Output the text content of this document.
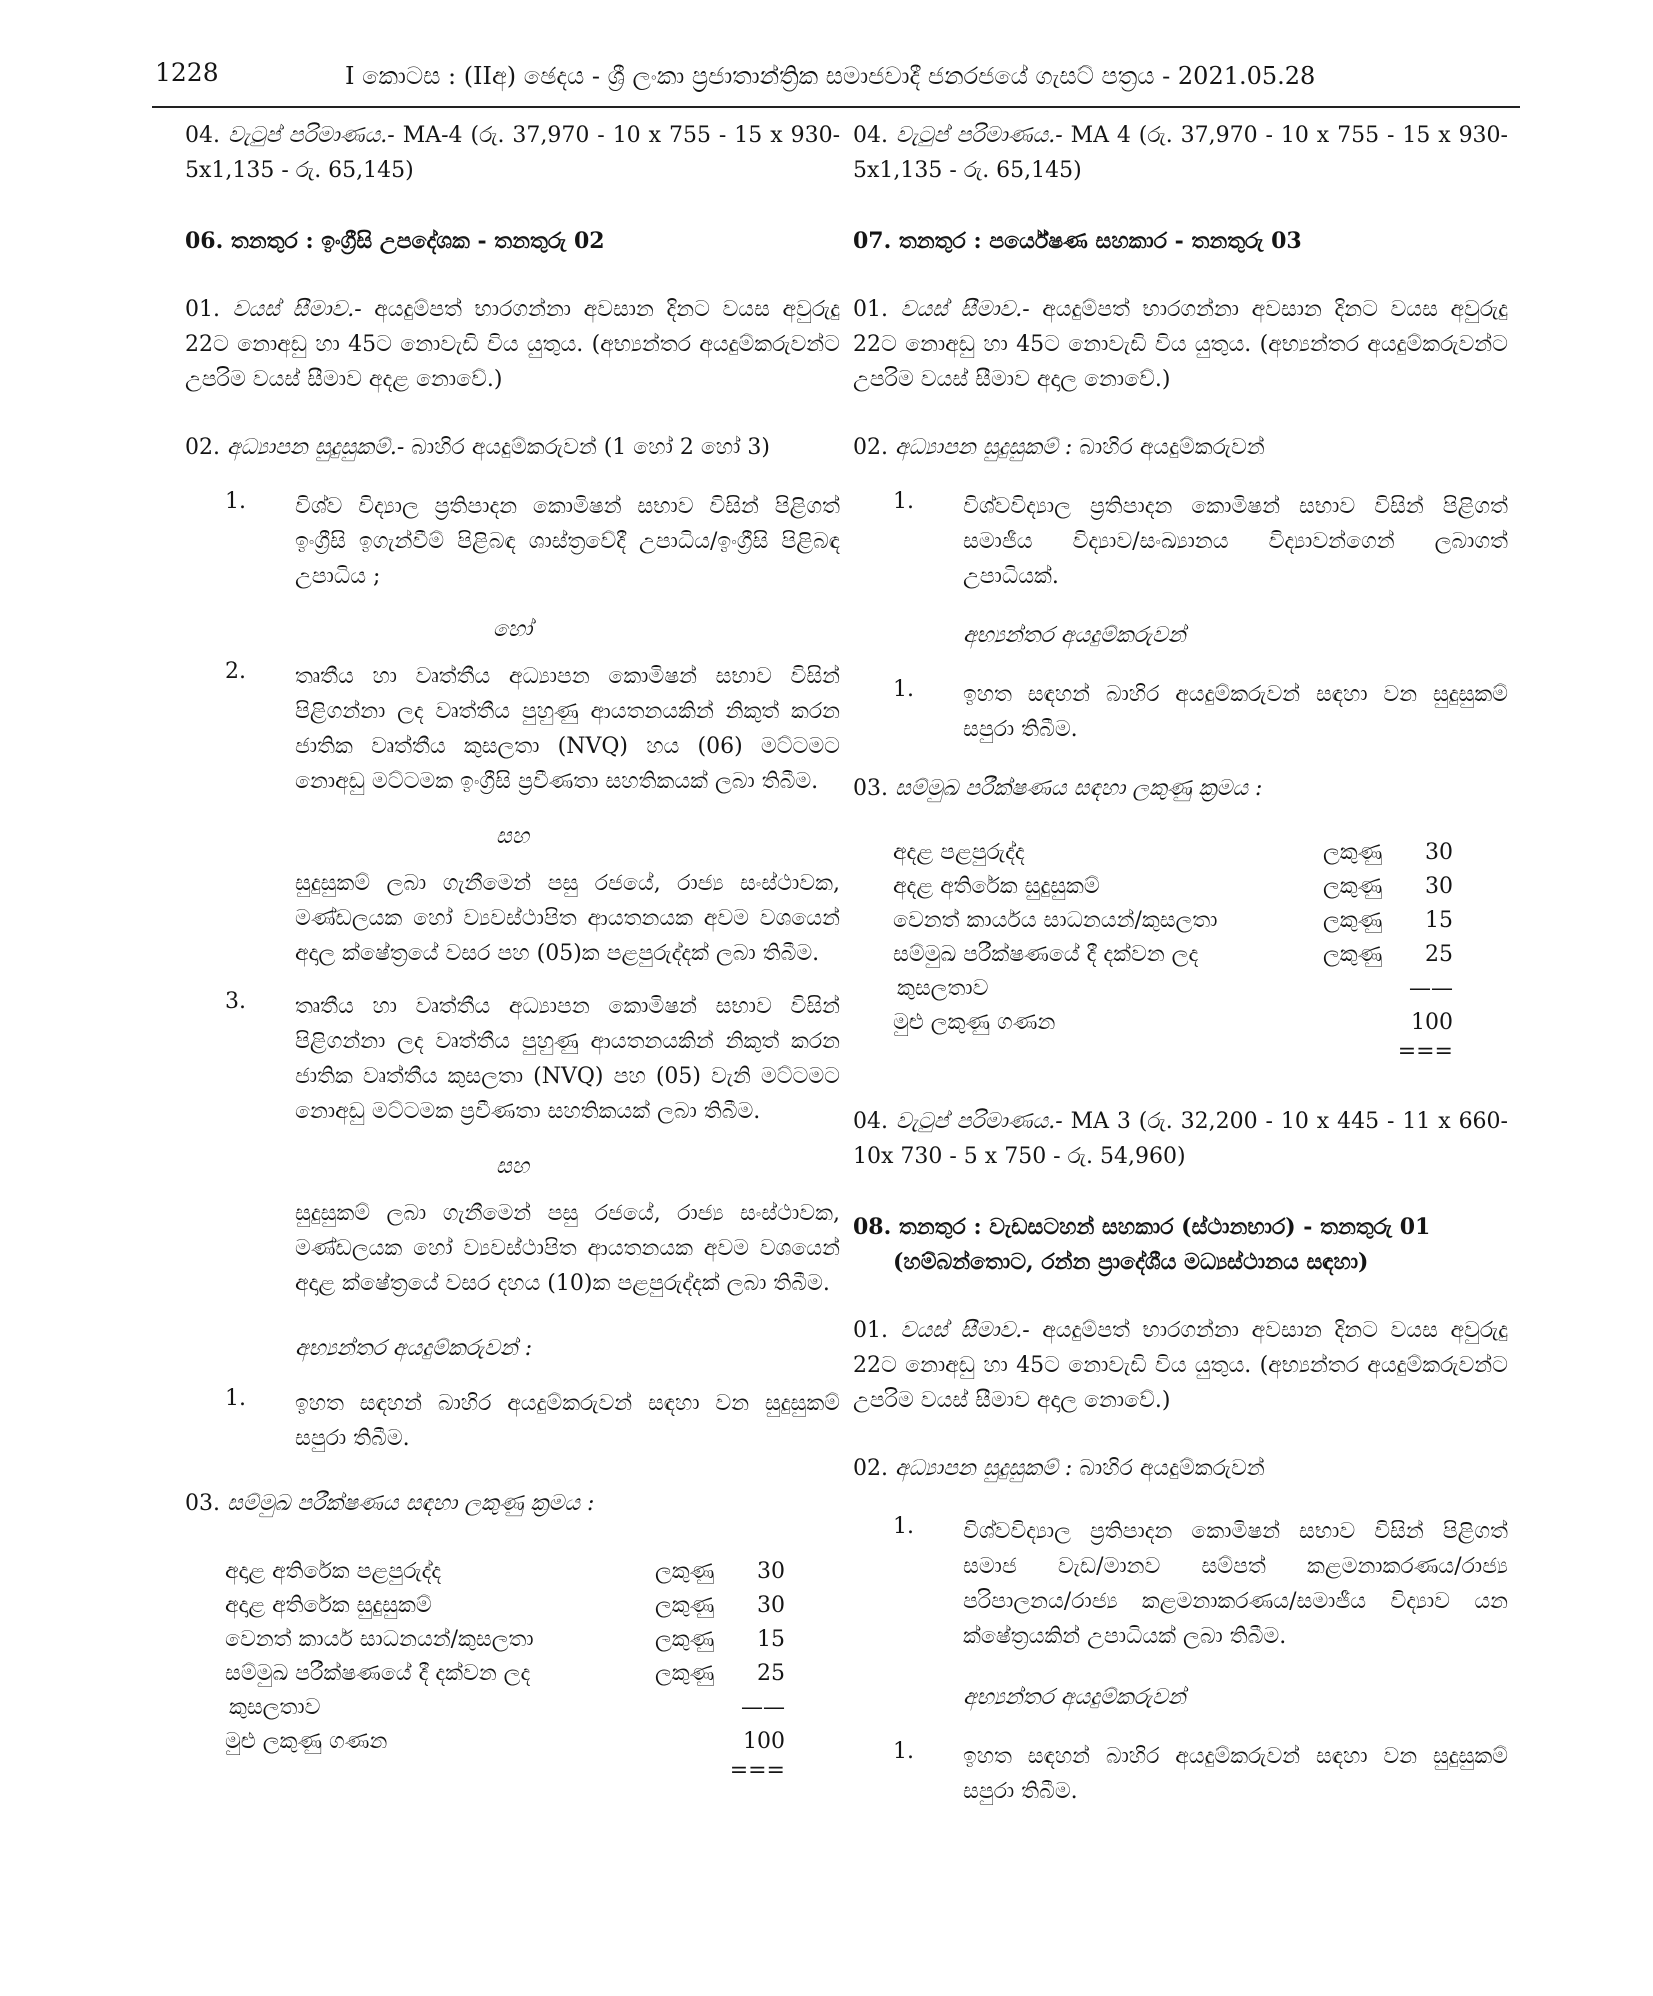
1228	I කොටස : (IIඅ) ඡෙදය - ශ්‍රී ලංකා ප්‍රජාතාන්ත්‍රික සමාජවාදී ජනරජයේ ගැසට් පත්‍රය - 2021.05.28

04. වැටුප් පරිමාණය.- MA-4 (රු. 37,970 - 10 x 755 - 15 x 930-5x1,135 - රු. 65,145)

06. තනතුර : ඉංග්‍රීසි උපදේශක - තනතුරු 02

01. වයස් සීමාව.- අයදුම්පත් භාරගන්නා අවසාන දිනට වයස අවුරුදු 22ට නොඅඩු හා 45ට නොවැඩි විය යුතුය. (අභ්‍යන්තර අයදුම්කරුවන්ට උපරිම වයස් සීමාව අදළ නොවේ.)

02. අධ්‍යාපන සුදුසුකම්.- බාහිර අයදුම්කරුවන් (1 හෝ 2 හෝ 3)

1. විශ්ව විද්‍යාල ප්‍රතිපාදන කොමිෂන් සභාව විසින් පිළිගත් ඉංග්‍රීසි ඉගැන්වීම් පිළිබඳ ශාස්ත්‍රවේදී උපාධිය/ඉංග්‍රීසි පිළිබඳ උපාධිය ;

හෝ

2. තෘතීය හා වෘත්තීය අධ්‍යාපන කොමිෂන් සභාව විසින් පිළිගන්නා ලද වෘත්තීය පුහුණු ආයතනයකින් නිකුත් කරන ජාතික වෘත්තීය කුසලතා (NVQ) හය (06) මට්ටමට නොඅඩු මට්ටමක ඉංග්‍රීසි ප්‍රවීණතා සහතිකයක් ලබා තිබීම.

සහ

සුදුසුකම් ලබා ගැනීමෙන් පසු රජයේ, රාජ්‍ය සංස්ථාවක, මණ්ඩලයක හෝ ව්‍යවස්ථාපිත ආයතනයක අවම වශයෙන් අදාල ක්ෂේත්‍රයේ වසර පහ (05)ක පළපුරුද්දක් ලබා තිබීම.

3. තෘතීය හා වෘත්තීය අධ්‍යාපන කොමිෂන් සභාව විසින් පිළිගන්නා ලද වෘත්තීය පුහුණු ආයතනයකින් නිකුත් කරන ජාතික වෘත්තීය කුසලතා (NVQ) පහ (05) වැනි මට්ටමට නොඅඩු මට්ටමක ප්‍රවීණතා සහතිකයක් ලබා තිබීම.

සහ

සුදුසුකම් ලබා ගැනීමෙන් පසු රජයේ, රාජ්‍ය සංස්ථාවක, මණ්ඩලයක හෝ ව්‍යවස්ථාපිත ආයතනයක අවම වශයෙන් අදාළ ක්ෂේත්‍රයේ වසර දහය (10)ක පළපුරුද්දක් ලබා තිබීම.

අභ්‍යන්තර අයදුම්කරුවන් :

1. ඉහත සඳහන් බාහිර අයදුම්කරුවන් සඳහා වන සුදුසුකම් සපුරා තිබීම.

03. සම්මුඛ පරීක්ෂණය සඳහා ලකුණු ක්‍රමය :

අදාළ අතිරේක පළපුරුද්ද	ලකුණු	30
අදාළ අතිරේක සුදුසුකම්	ලකුණු	30
වෙනත් කාර්ය සාධනයන්/කුසලතා	ලකුණු	15
සම්මුඛ පරීක්ෂණයේ දී දක්වන ලද	ලකුණු	25
කුසලතාව	——
මුළු ලකුණු ගණන	100
===

04. වැටුප් පරිමාණය.- MA 4 (රු. 37,970 - 10 x 755 - 15 x 930-5x1,135 - රු. 65,145)

07. තනතුර : පර්යේෂණ සහකාර - තනතුරු 03

01. වයස් සීමාව.- අයදුම්පත් භාරගන්නා අවසාන දිනට වයස අවුරුදු 22ට නොඅඩු හා 45ට නොවැඩි විය යුතුය. (අභ්‍යන්තර අයදුම්කරුවන්ට උපරිම වයස් සීමාව අදාල නොවේ.)

02. අධ්‍යාපන සුදුසුකම් : බාහිර අයදුම්කරුවන්

1. විශ්වවිද්‍යාල ප්‍රතිපාදන කොමිෂන් සභාව විසින් පිළිගත් සමාජීය විද්‍යාව/සංඛ්‍යානය විද්‍යාවන්ගෙන් ලබාගත් උපාධියක්.

අභ්‍යන්තර අයදුම්කරුවන්

1. ඉහත සඳහන් බාහිර අයදුම්කරුවන් සඳහා වන සුදුසුකම් සපුරා තිබීම.

03. සම්මුඛ පරීක්ෂණය සඳහා ලකුණු ක්‍රමය :

අදළ පළපුරුද්ද	ලකුණු	30
අදළ අතිරේක සුදුසුකම්	ලකුණු	30
වෙනත් කාර්යය සාධනයන්/කුසලතා	ලකුණු	15
සම්මුඛ පරීක්ෂණයේ දී දක්වන ලද	ලකුණු	25
කුසලතාව	——
මුළු ලකුණු ගණන	100
===

04. වැටුප් පරිමාණය.- MA 3 (රු. 32,200 - 10 x 445 - 11 x 660-10x 730 - 5 x 750 - රු. 54,960)

08. තනතුර : වැඩසටහන් සහකාර (ස්ථානභාර) - තනතුරු 01

(හම්බන්තොට, රන්න ප්‍රාදේශීය මධ්‍යස්ථානය සඳහා)

01. වයස් සීමාව.- අයදුම්පත් භාරගන්නා අවසාන දිනට වයස අවුරුදු 22ට නොඅඩු හා 45ට නොවැඩි විය යුතුය. (අභ්‍යන්තර අයදුම්කරුවන්ට උපරිම වයස් සීමාව අදාල නොවේ.)

02. අධ්‍යාපන සුදුසුකම් : බාහිර අයදුම්කරුවන්

1. විශ්වවිද්‍යාල ප්‍රතිපාදන කොමිෂන් සභාව විසින් පිළිගත් සමාජ වැඩ/මානව සම්පත් කළමනාකරණය/රාජ්‍ය පරිපාලනය/රාජ්‍ය කළමනාකරණය/සමාජීය විද්‍යාව යන ක්ෂේත්‍රයකින් උපාධියක් ලබා තිබීම.

අභ්‍යන්තර අයදුම්කරුවන්

1. ඉහත සඳහන් බාහිර අයදුම්කරුවන් සඳහා වන සුදුසුකම් සපුරා තිබීම.
